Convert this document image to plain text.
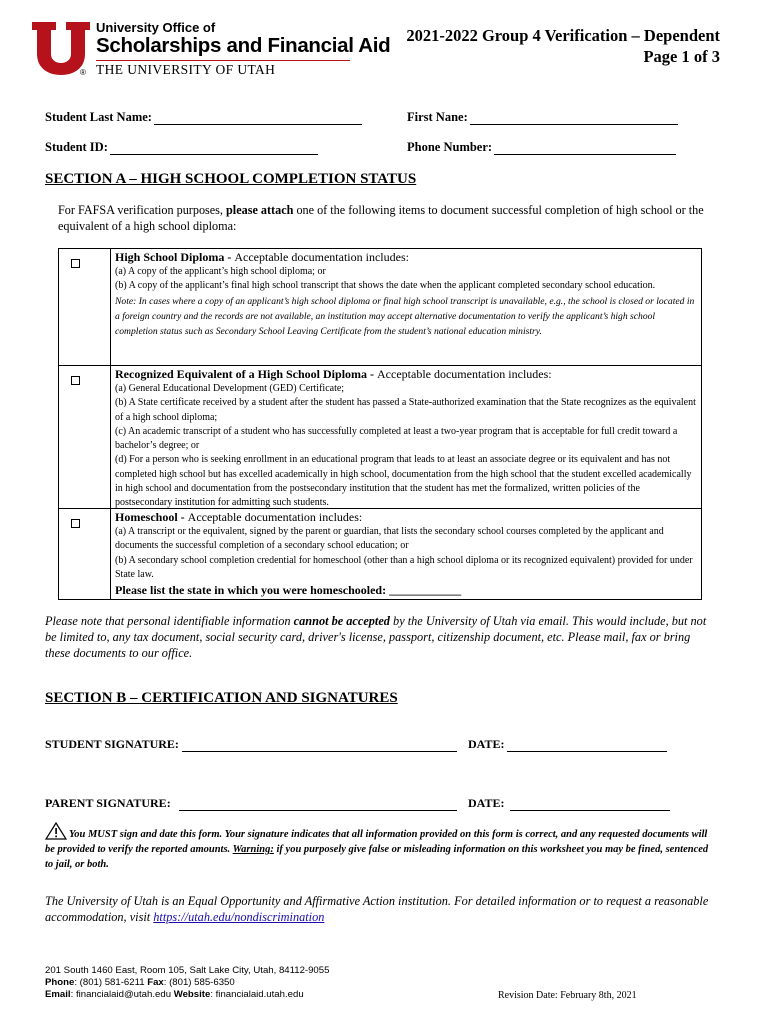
®
University Office of
Scholarships and Financial Aid
THE UNIVERSITY OF UTAH
2021-2022 Group 4 Verification – Dependent
Page 1 of 3
Student Last Name:	First Nane:
Student ID:	Phone Number:
SECTION A – HIGH SCHOOL COMPLETION STATUS
For FAFSA verification purposes, please attach one of the following items to document successful completion of high school or the equivalent of a high school diploma:
High School Diploma - Acceptable documentation includes:
(a) A copy of the applicant’s high school diploma; or
(b) A copy of the applicant’s final high school transcript that shows the date when the applicant completed secondary school education.
Note: In cases where a copy of an applicant’s high school diploma or final high school transcript is unavailable, e.g., the school is closed or located in a foreign country and the records are not available, an institution may accept alternative documentation to verify the applicant’s high school completion status such as Secondary School Leaving Certificate from the student’s national education ministry.
Recognized Equivalent of a High School Diploma - Acceptable documentation includes:
(a) General Educational Development (GED) Certificate;
(b) A State certificate received by a student after the student has passed a State-authorized examination that the State recognizes as the equivalent of a high school diploma;
(c) An academic transcript of a student who has successfully completed at least a two-year program that is acceptable for full credit toward a bachelor’s degree; or
(d) For a person who is seeking enrollment in an educational program that leads to at least an associate degree or its equivalent and has not completed high school but has excelled academically in high school, documentation from the high school that the student excelled academically in high school and documentation from the postsecondary institution that the student has met the formalized, written policies of the postsecondary institution for admitting such students.
Homeschool - Acceptable documentation includes:
(a) A transcript or the equivalent, signed by the parent or guardian, that lists the secondary school courses completed by the applicant and documents the successful completion of a secondary school education; or
(b) A secondary school completion credential for homeschool (other than a high school diploma or its recognized equivalent) provided for under State law.
Please list the state in which you were homeschooled: ____________
Please note that personal identifiable information cannot be accepted by the University of Utah via email. This would include, but not be limited to, any tax document, social security card, driver's license, passport, citizenship document, etc. Please mail, fax or bring these documents to our office.
SECTION B – CERTIFICATION AND SIGNATURES
STUDENT SIGNATURE:	DATE:
PARENT SIGNATURE:	DATE:
You MUST sign and date this form. Your signature indicates that all information provided on this form is correct, and any requested documents will be provided to verify the reported amounts. Warning: if you purposely give false or misleading information on this worksheet you may be fined, sentenced to jail, or both.
The University of Utah is an Equal Opportunity and Affirmative Action institution. For detailed information or to request a reasonable accommodation, visit https://utah.edu/nondiscrimination
201 South 1460 East, Room 105, Salt Lake City, Utah, 84112-9055
Phone: (801) 581-6211 Fax: (801) 585-6350
Email: financialaid@utah.edu Website: financialaid.utah.edu	Revision Date: February 8th, 2021
